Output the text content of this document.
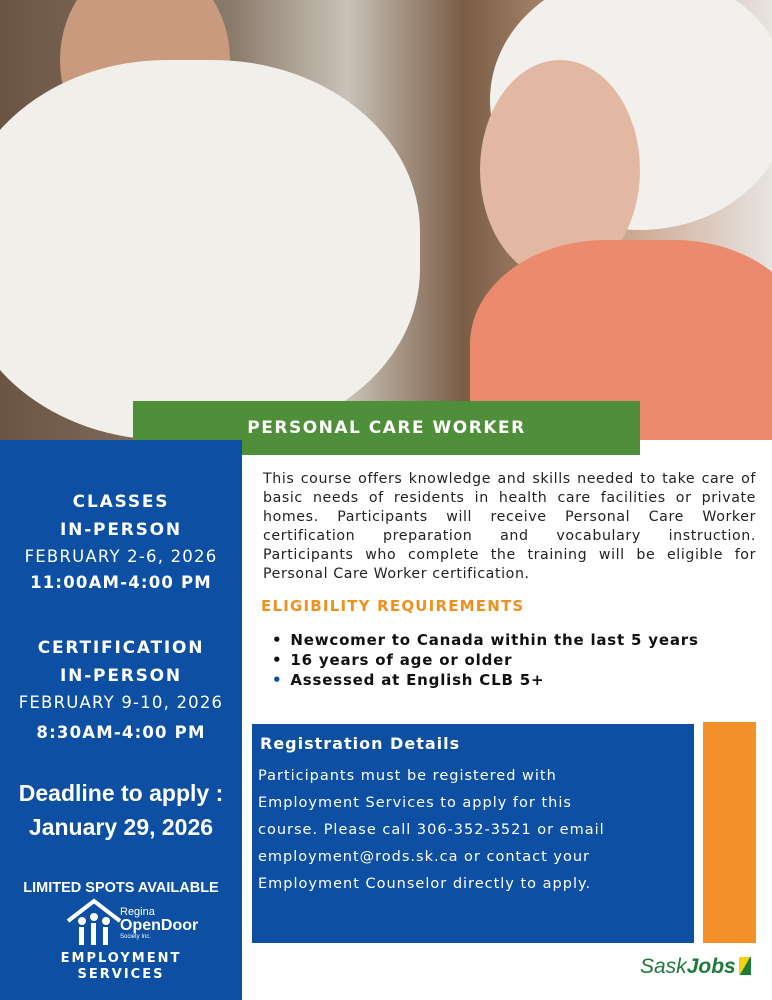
PERSONAL CARE WORKER
CLASSES
IN-PERSON
FEBRUARY 2-6, 2026
11:00AM-4:00 PM
CERTIFICATION
IN-PERSON
FEBRUARY 9-10, 2026
8:30AM-4:00 PM
Deadline to apply :
January 29, 2026
LIMITED SPOTS AVAILABLE
Regina
OpenDoor
Society Inc.
EMPLOYMENT
SERVICES

This course offers knowledge and skills needed to take care of basic needs of residents in health care facilities or private homes. Participants will receive Personal Care Worker certification preparation and vocabulary instruction. Participants who complete the training will be eligible for Personal Care Worker certification.

ELIGIBILITY REQUIREMENTS
• Newcomer to Canada within the last 5 years
• 16 years of age or older
• Assessed at English CLB 5+
Registration Details
Participants must be registered with
Employment Services to apply for this
course. Please call 306-352-3521 or email
employment@rods.sk.ca or contact your
Employment Counselor directly to apply.
SaskJobs
